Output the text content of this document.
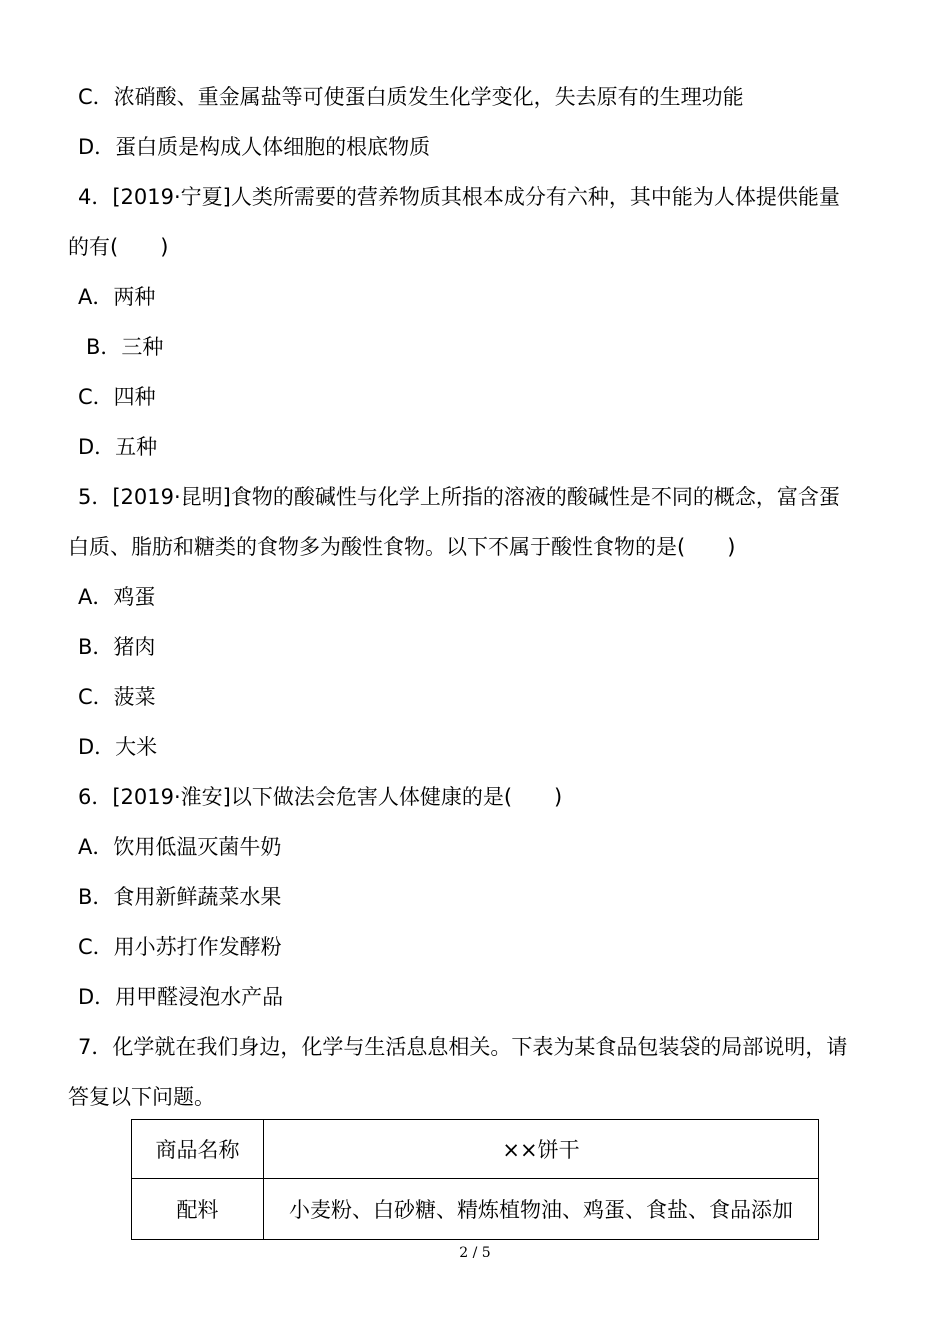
C．浓硝酸、重金属盐等可使蛋白质发生化学变化，失去原有的生理功能
D．蛋白质是构成人体细胞的根底物质
4．[2019·宁夏]人类所需要的营养物质其根本成分有六种，其中能为人体提供能量
的有(　　)
A．两种
B．三种
C．四种
D．五种
5．[2019·昆明]食物的酸碱性与化学上所指的溶液的酸碱性是不同的概念，富含蛋
白质、脂肪和糖类的食物多为酸性食物。以下不属于酸性食物的是(　　)
A．鸡蛋
B．猪肉
C．菠菜
D．大米
6．[2019·淮安]以下做法会危害人体健康的是(　　)
A．饮用低温灭菌牛奶
B．食用新鲜蔬菜水果
C．用小苏打作发酵粉
D．用甲醛浸泡水产品
7．化学就在我们身边，化学与生活息息相关。下表为某食品包装袋的局部说明，请
答复以下问题。
商品名称	××饼干
配料	小麦粉、白砂糖、精炼植物油、鸡蛋、食盐、食品添加
2 / 5
